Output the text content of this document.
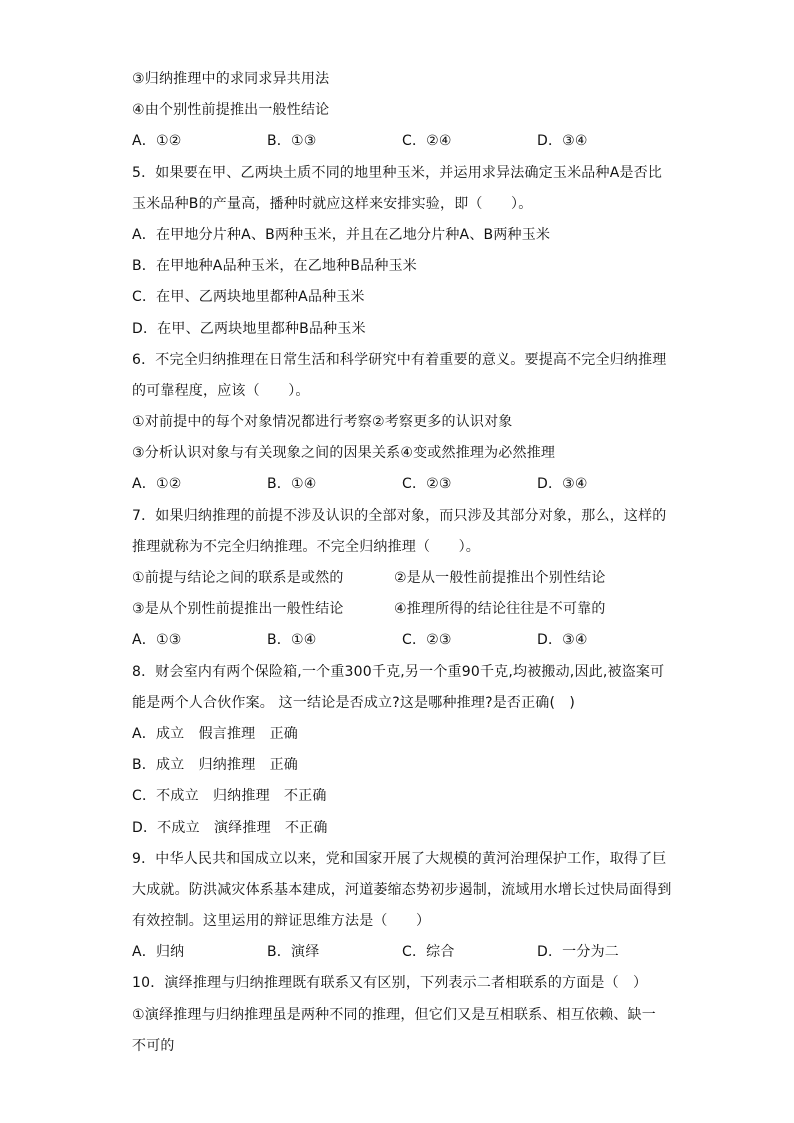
③归纳推理中的求同求异共用法
④由个别性前提推出一般性结论
A．①②	B．①③	C．②④	D．③④
5．如果要在甲、乙两块土质不同的地里种玉米，并运用求异法确定玉米品种A是否比
玉米品种B的产量高，播种时就应这样来安排实验，即（　　）。
A．在甲地分片种A、B两种玉米，并且在乙地分片种A、B两种玉米
B．在甲地种A品种玉米，在乙地种B品种玉米
C．在甲、乙两块地里都种A品种玉米
D．在甲、乙两块地里都种B品种玉米
6．不完全归纳推理在日常生活和科学研究中有着重要的意义。要提高不完全归纳推理
的可靠程度，应该（　　）。
①对前提中的每个对象情况都进行考察②考察更多的认识对象
③分析认识对象与有关现象之间的因果关系④变或然推理为必然推理
A．①②	B．①④	C．②③	D．③④
7．如果归纳推理的前提不涉及认识的全部对象，而只涉及其部分对象，那么，这样的
推理就称为不完全归纳推理。不完全归纳推理（　　）。
①前提与结论之间的联系是或然的	②是从一般性前提推出个别性结论
③是从个别性前提推出一般性结论	④推理所得的结论往往是不可靠的
A．①③	B．①④	C．②③	D．③④
8．财会室内有两个保险箱,一个重300千克,另一个重90千克,均被搬动,因此,被盗案可
能是两个人合伙作案。 这一结论是否成立?这是哪种推理?是否正确(　)
A．成立　假言推理　正确
B．成立　归纳推理　正确
C．不成立　归纳推理　不正确
D．不成立　演绎推理　不正确
9．中华人民共和国成立以来，党和国家开展了大规模的黄河治理保护工作，取得了巨
大成就。防洪减灾体系基本建成，河道萎缩态势初步遏制，流域用水增长过快局面得到
有效控制。这里运用的辩证思维方法是（　　）
A．归纳	B．演绎	C．综合	D．一分为二
10．演绎推理与归纳推理既有联系又有区别，下列表示二者相联系的方面是（　）
①演绎推理与归纳推理虽是两种不同的推理，但它们又是互相联系、相互依赖、缺一
不可的
